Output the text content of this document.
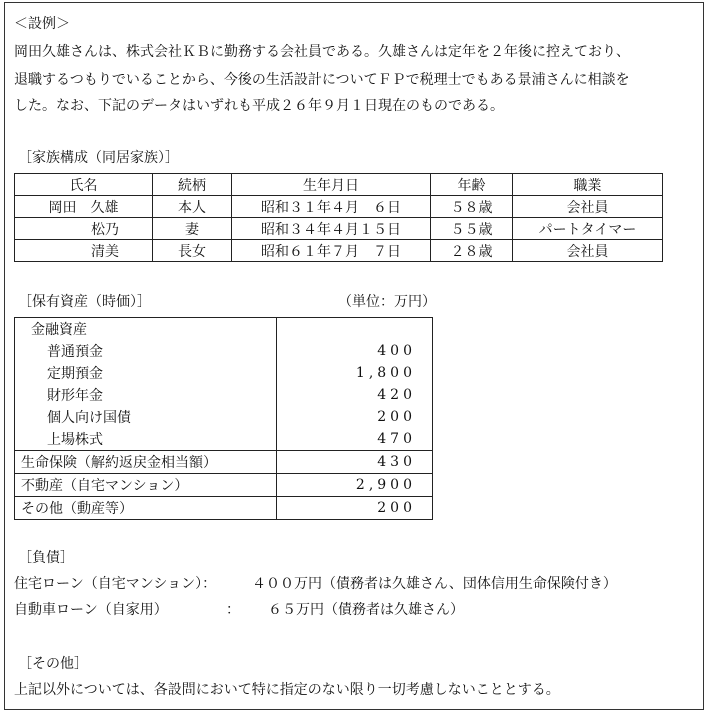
＜設例＞
岡田久雄さんは、株式会社ＫＢに勤務する会社員である。久雄さんは定年を２年後に控えており、
退職するつもりでいることから、今後の生活設計についてＦＰで税理士でもある景浦さんに相談を
した。なお、下記のデータはいずれも平成２６年９月１日現在のものである。
［家族構成（同居家族）］
氏名	続柄	生年月日	年齢	職業
岡田　久雄	本人	昭和３１年４月　６日	５８歳	会社員
松乃	妻	昭和３４年４月１５日	５５歳	パートタイマー
清美	長女	昭和６１年７月　７日	２８歳	会社員
［保有資産（時価）］	（単位：万円）
金融資産	
普通預金	400
定期預金	1,800
財形年金	420
個人向け国債	200
上場株式	470
生命保険（解約返戻金相当額）	430
不動産（自宅マンション）	2,900
その他（動産等）	200
［負債］
住宅ローン（自宅マンション）：	４００万円（債務者は久雄さん、団体信用生命保険付き）
自動車ローン（自家用）	： ６５万円（債務者は久雄さん）
［その他］
上記以外については、各設問において特に指定のない限り一切考慮しないこととする。
